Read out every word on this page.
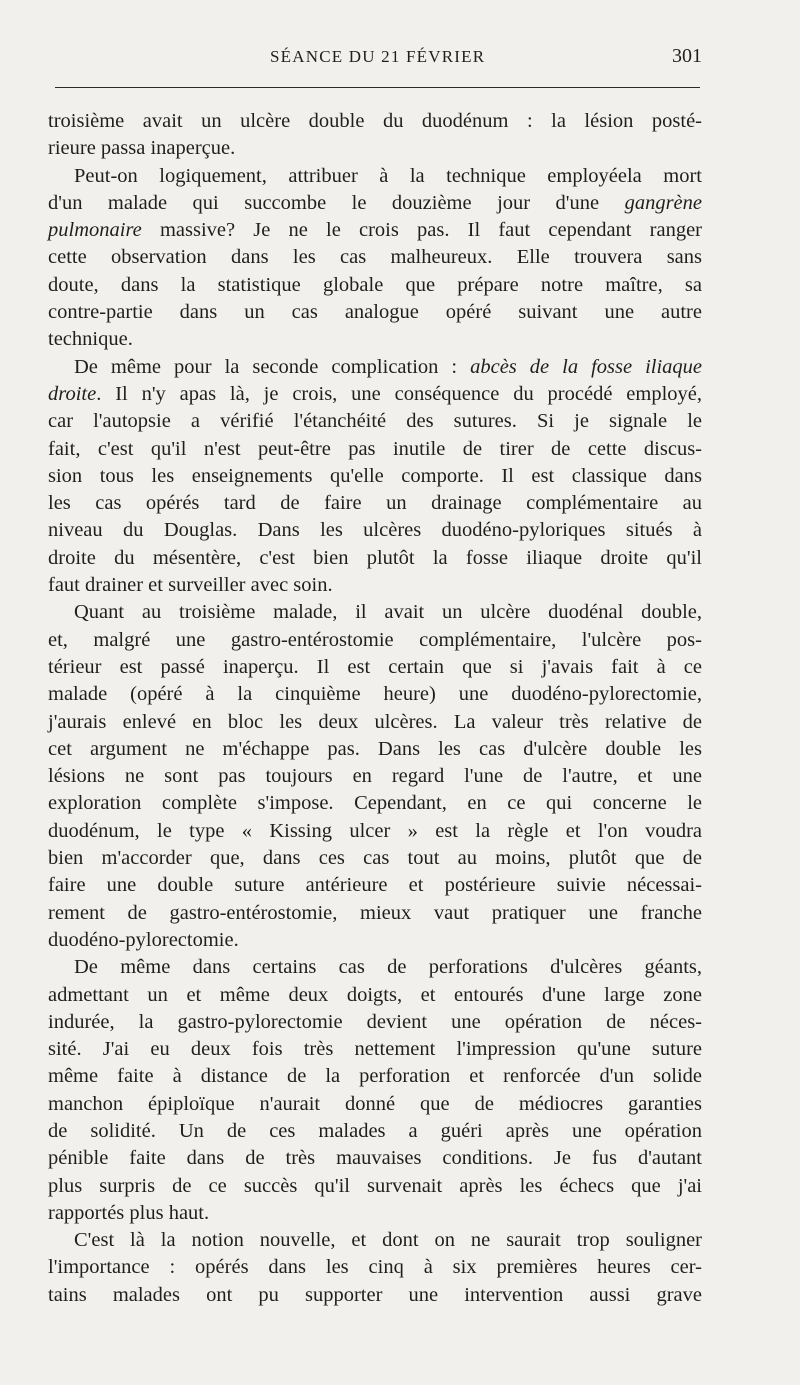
SÉANCE DU 21 FÉVRIER	301
troisième avait un ulcère double du duodénum : la lésion posté-
rieure passa inaperçue.
Peut-on logiquement, attribuer à la technique employéela mort
d'un malade qui succombe le douzième jour d'une gangrène
pulmonaire massive? Je ne le crois pas. Il faut cependant ranger
cette observation dans les cas malheureux. Elle trouvera sans
doute, dans la statistique globale que prépare notre maître, sa
contre-partie dans un cas analogue opéré suivant une autre
technique.
De même pour la seconde complication : abcès de la fosse iliaque
droite. Il n'y apas là, je crois, une conséquence du procédé employé,
car l'autopsie a vérifié l'étanchéité des sutures. Si je signale le
fait, c'est qu'il n'est peut-être pas inutile de tirer de cette discus-
sion tous les enseignements qu'elle comporte. Il est classique dans
les cas opérés tard de faire un drainage complémentaire au
niveau du Douglas. Dans les ulcères duodéno-pyloriques situés à
droite du mésentère, c'est bien plutôt la fosse iliaque droite qu'il
faut drainer et surveiller avec soin.
Quant au troisième malade, il avait un ulcère duodénal double,
et, malgré une gastro-entérostomie complémentaire, l'ulcère pos-
térieur est passé inaperçu. Il est certain que si j'avais fait à ce
malade (opéré à la cinquième heure) une duodéno-pylorectomie,
j'aurais enlevé en bloc les deux ulcères. La valeur très relative de
cet argument ne m'échappe pas. Dans les cas d'ulcère double les
lésions ne sont pas toujours en regard l'une de l'autre, et une
exploration complète s'impose. Cependant, en ce qui concerne le
duodénum, le type « Kissing ulcer » est la règle et l'on voudra
bien m'accorder que, dans ces cas tout au moins, plutôt que de
faire une double suture antérieure et postérieure suivie nécessai-
rement de gastro-entérostomie, mieux vaut pratiquer une franche
duodéno-pylorectomie.
De même dans certains cas de perforations d'ulcères géants,
admettant un et même deux doigts, et entourés d'une large zone
indurée, la gastro-pylorectomie devient une opération de néces-
sité. J'ai eu deux fois très nettement l'impression qu'une suture
même faite à distance de la perforation et renforcée d'un solide
manchon épiploïque n'aurait donné que de médiocres garanties
de solidité. Un de ces malades a guéri après une opération
pénible faite dans de très mauvaises conditions. Je fus d'autant
plus surpris de ce succès qu'il survenait après les échecs que j'ai
rapportés plus haut.
C'est là la notion nouvelle, et dont on ne saurait trop souligner
l'importance : opérés dans les cinq à six premières heures cer-
tains malades ont pu supporter une intervention aussi grave
